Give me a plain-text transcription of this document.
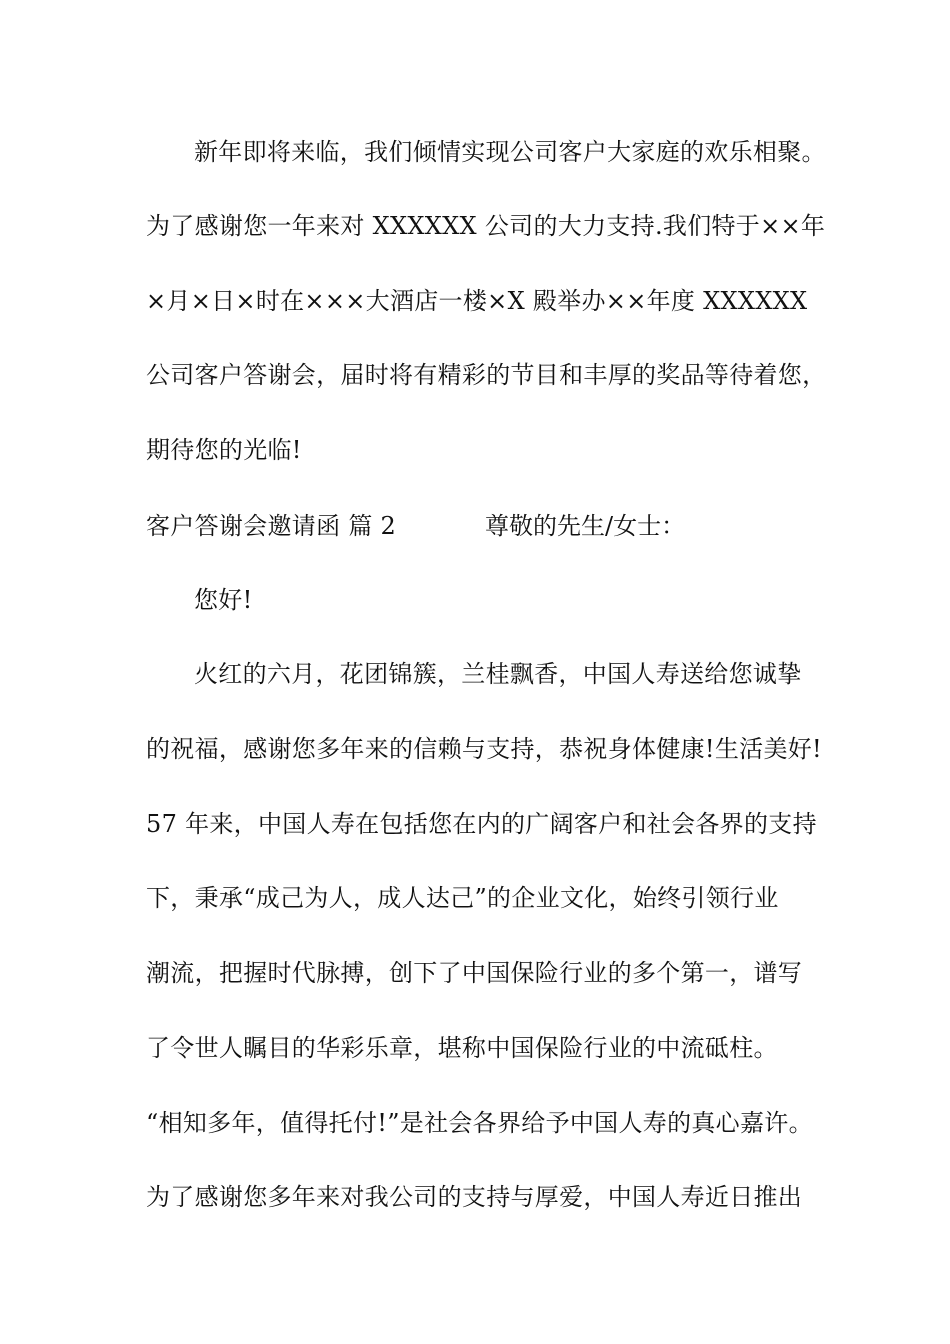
新年即将来临，我们倾情实现公司客户大家庭的欢乐相聚。
为了感谢您一年来对 XXXXXX 公司的大力支持.我们特于××年
×月×日×时在×××大酒店一楼×X 殿举办××年度 XXXXXX
公司客户答谢会，届时将有精彩的节目和丰厚的奖品等待着您，
期待您的光临!
客户答谢会邀请函 篇 2	尊敬的先生/女士：
您好!
火红的六月，花团锦簇，兰桂飘香，中国人寿送给您诚挚
的祝福，感谢您多年来的信赖与支持，恭祝身体健康!生活美好!
57 年来，中国人寿在包括您在内的广阔客户和社会各界的支持
下，秉承“成己为人，成人达己”的企业文化，始终引领行业
潮流，把握时代脉搏，创下了中国保险行业的多个第一，谱写
了令世人瞩目的华彩乐章，堪称中国保险行业的中流砥柱。
“相知多年，值得托付!”是社会各界给予中国人寿的真心嘉许。
为了感谢您多年来对我公司的支持与厚爱，中国人寿近日推出
